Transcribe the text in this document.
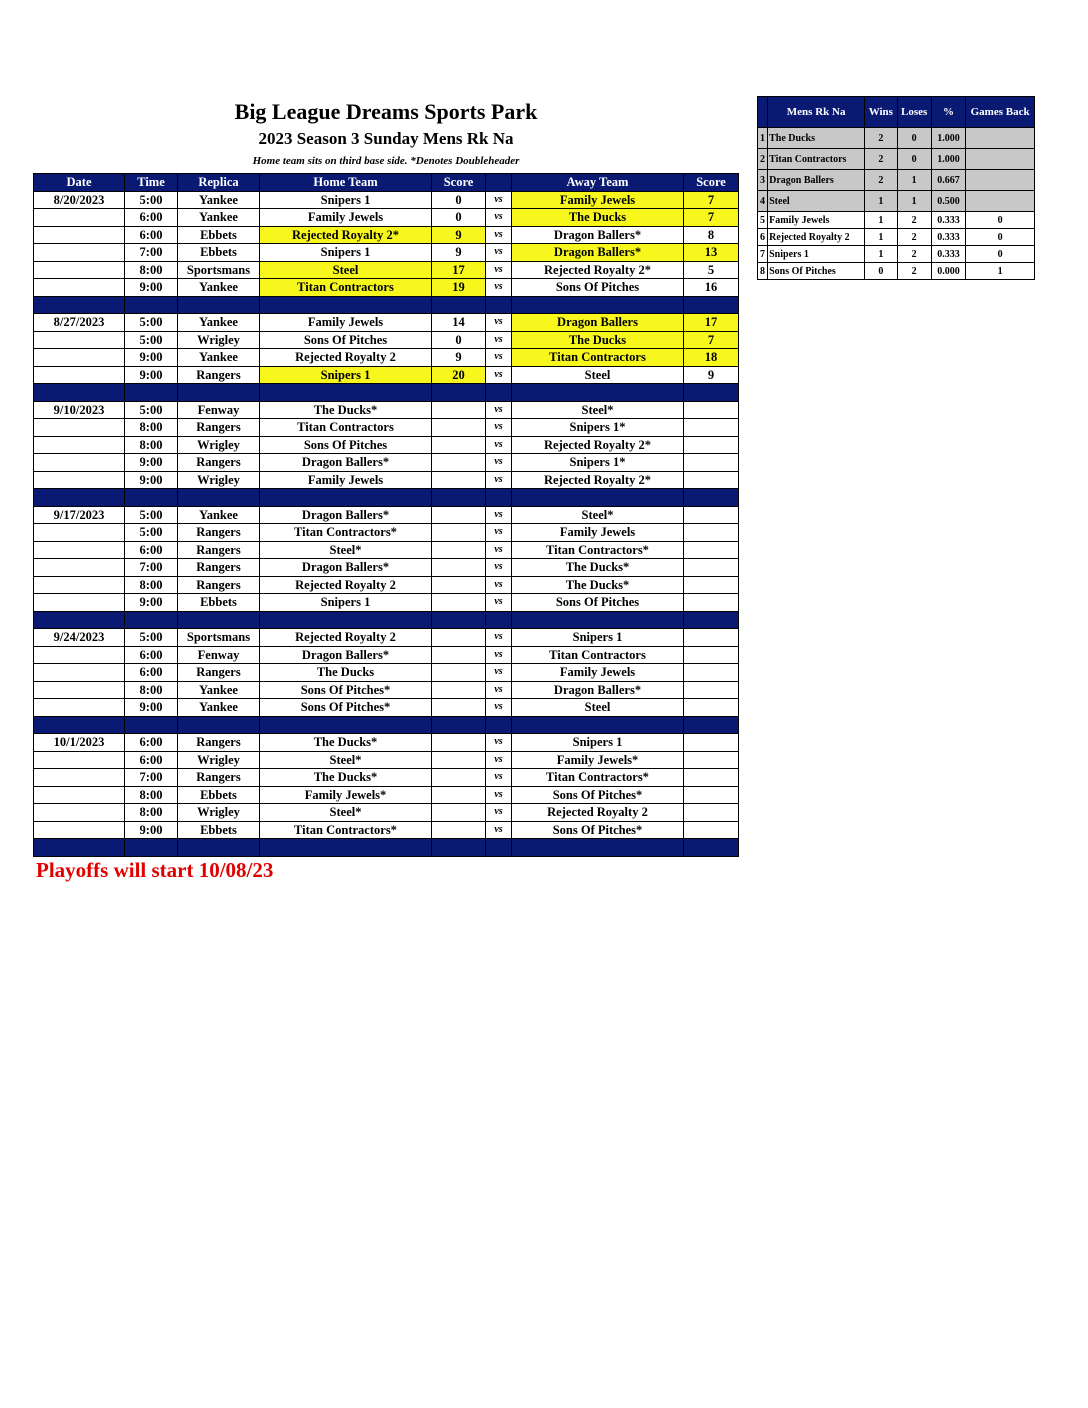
Big League Dreams Sports Park
2023 Season 3 Sunday Mens Rk Na
Home team sits on third base side. *Denotes Doubleheader
Date	Time	Replica	Home Team	Score		Away Team	Score
8/20/2023	5:00	Yankee	Snipers 1	0	vs	Family Jewels	7
	6:00	Yankee	Family Jewels	0	vs	The Ducks	7
	6:00	Ebbets	Rejected Royalty 2*	9	vs	Dragon Ballers*	8
	7:00	Ebbets	Snipers 1	9	vs	Dragon Ballers*	13
	8:00	Sportsmans	Steel	17	vs	Rejected Royalty 2*	5
	9:00	Yankee	Titan Contractors	19	vs	Sons Of Pitches	16

8/27/2023	5:00	Yankee	Family Jewels	14	vs	Dragon Ballers	17
	5:00	Wrigley	Sons Of Pitches	0	vs	The Ducks	7
	9:00	Yankee	Rejected Royalty 2	9	vs	Titan Contractors	18
	9:00	Rangers	Snipers 1	20	vs	Steel	9

9/10/2023	5:00	Fenway	The Ducks*		vs	Steel*	
	8:00	Rangers	Titan Contractors		vs	Snipers 1*	
	8:00	Wrigley	Sons Of Pitches		vs	Rejected Royalty 2*	
	9:00	Rangers	Dragon Ballers*		vs	Snipers 1*	
	9:00	Wrigley	Family Jewels		vs	Rejected Royalty 2*	

9/17/2023	5:00	Yankee	Dragon Ballers*		vs	Steel*	
	5:00	Rangers	Titan Contractors*		vs	Family Jewels	
	6:00	Rangers	Steel*		vs	Titan Contractors*	
	7:00	Rangers	Dragon Ballers*		vs	The Ducks*	
	8:00	Rangers	Rejected Royalty 2		vs	The Ducks*	
	9:00	Ebbets	Snipers 1		vs	Sons Of Pitches	

9/24/2023	5:00	Sportsmans	Rejected Royalty 2		vs	Snipers 1	
	6:00	Fenway	Dragon Ballers*		vs	Titan Contractors	
	6:00	Rangers	The Ducks		vs	Family Jewels	
	8:00	Yankee	Sons Of Pitches*		vs	Dragon Ballers*	
	9:00	Yankee	Sons Of Pitches*		vs	Steel	

10/1/2023	6:00	Rangers	The Ducks*		vs	Snipers 1	
	6:00	Wrigley	Steel*		vs	Family Jewels*	
	7:00	Rangers	The Ducks*		vs	Titan Contractors*	
	8:00	Ebbets	Family Jewels*		vs	Sons Of Pitches*	
	8:00	Wrigley	Steel*		vs	Rejected Royalty 2	
	9:00	Ebbets	Titan Contractors*		vs	Sons Of Pitches*	

	Mens Rk Na	Wins	Loses	%	Games Back
1	The Ducks	2	0	1.000	
2	Titan Contractors	2	0	1.000	
3	Dragon Ballers	2	1	0.667	
4	Steel	1	1	0.500	
5	Family Jewels	1	2	0.333	0
6	Rejected Royalty 2	1	2	0.333	0
7	Snipers 1	1	2	0.333	0
8	Sons Of Pitches	0	2	0.000	1
Playoffs will start 10/08/23
